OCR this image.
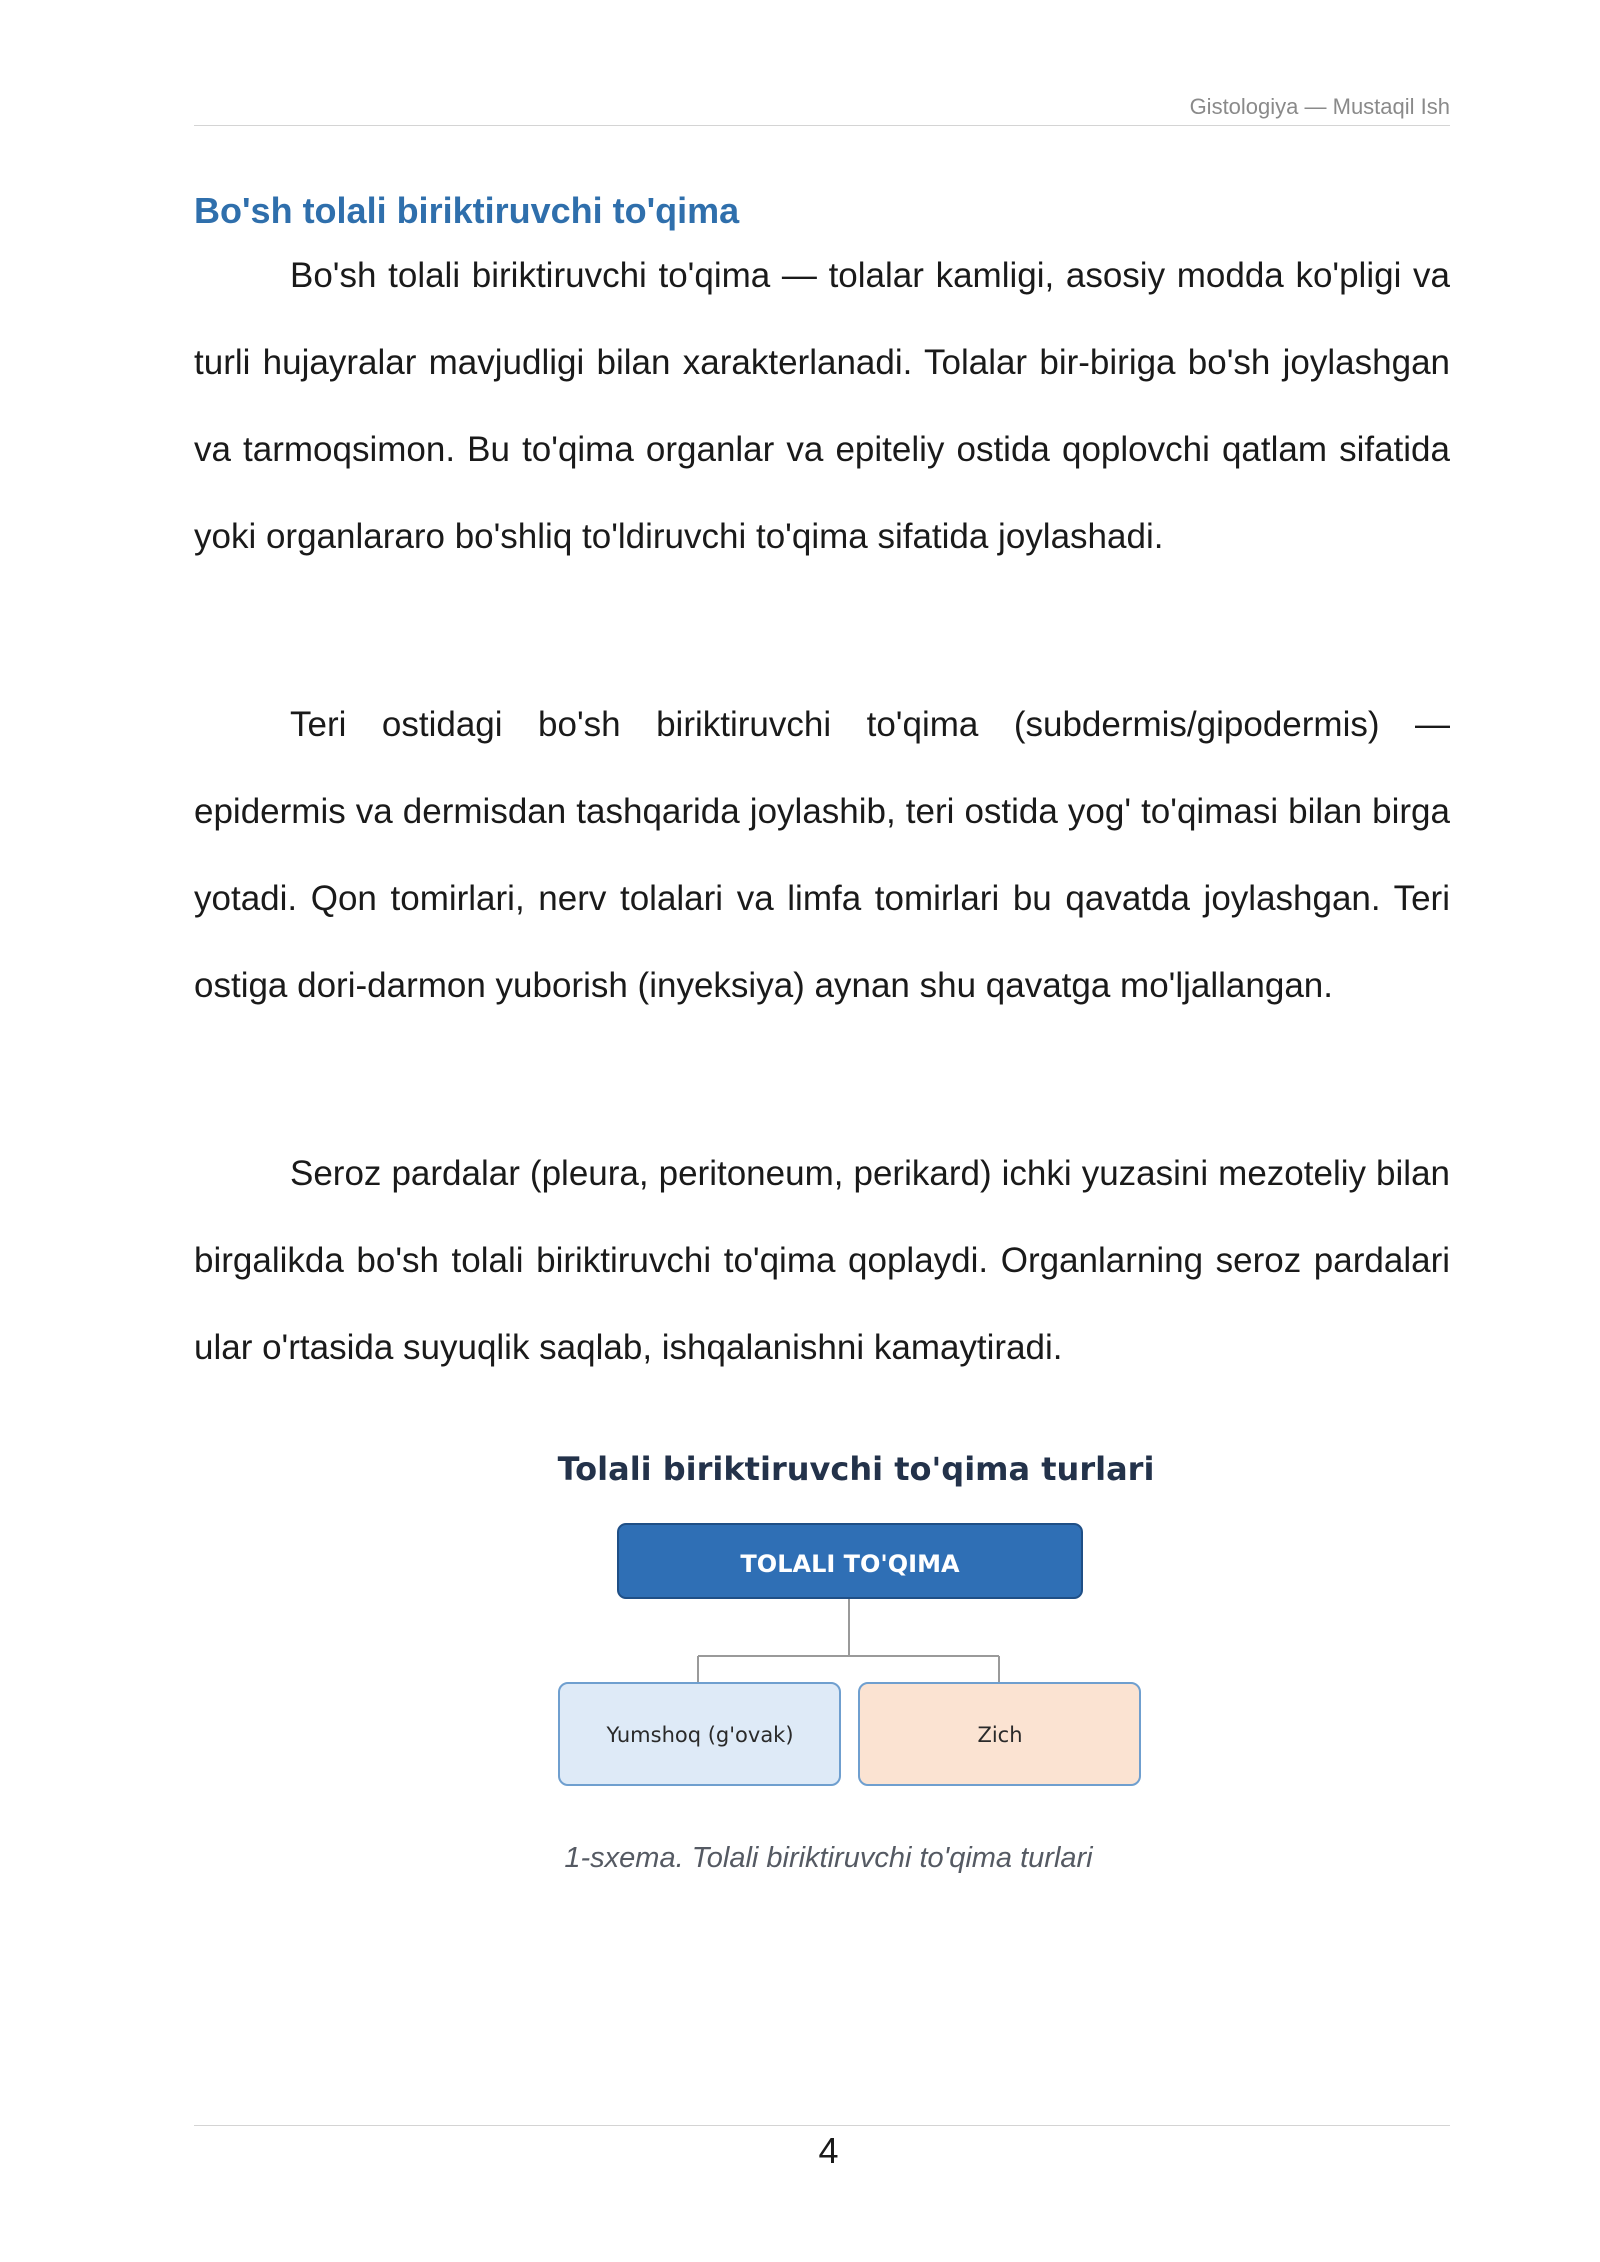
Gistologiya — Mustaqil Ish
Bo'sh tolali biriktiruvchi to'qima

Bo'sh tolali biriktiruvchi to'qima — tolalar kamligi, asosiy modda ko'pligi va turli hujayralar mavjudligi bilan xarakterlanadi. Tolalar bir-biriga bo'sh joylashgan va tarmoqsimon. Bu to'qima organlar va epiteliy ostida qoplovchi qatlam sifatida yoki organlararo bo'shliq to'ldiruvchi to'qima sifatida joylashadi.

Teri ostidagi bo'sh biriktiruvchi to'qima (subdermis/gipodermis) — epidermis va dermisdan tashqarida joylashib, teri ostida yog' to'qimasi bilan birga yotadi. Qon tomirlari, nerv tolalari va limfa tomirlari bu qavatda joylashgan. Teri ostiga dori-darmon yuborish (inyeksiya) aynan shu qavatga mo'ljallangan.

Seroz pardalar (pleura, peritoneum, perikard) ichki yuzasini mezoteliy bilan birgalikda bo'sh tolali biriktiruvchi to'qima qoplaydi. Organlarning seroz pardalari ular o'rtasida suyuqlik saqlab, ishqalanishni kamaytiradi.

Tolali biriktiruvchi to'qima turlari
TOLALI TO'QIMA
Yumshoq (g'ovak)	Zich
1-sxema. Tolali biriktiruvchi to'qima turlari
4
